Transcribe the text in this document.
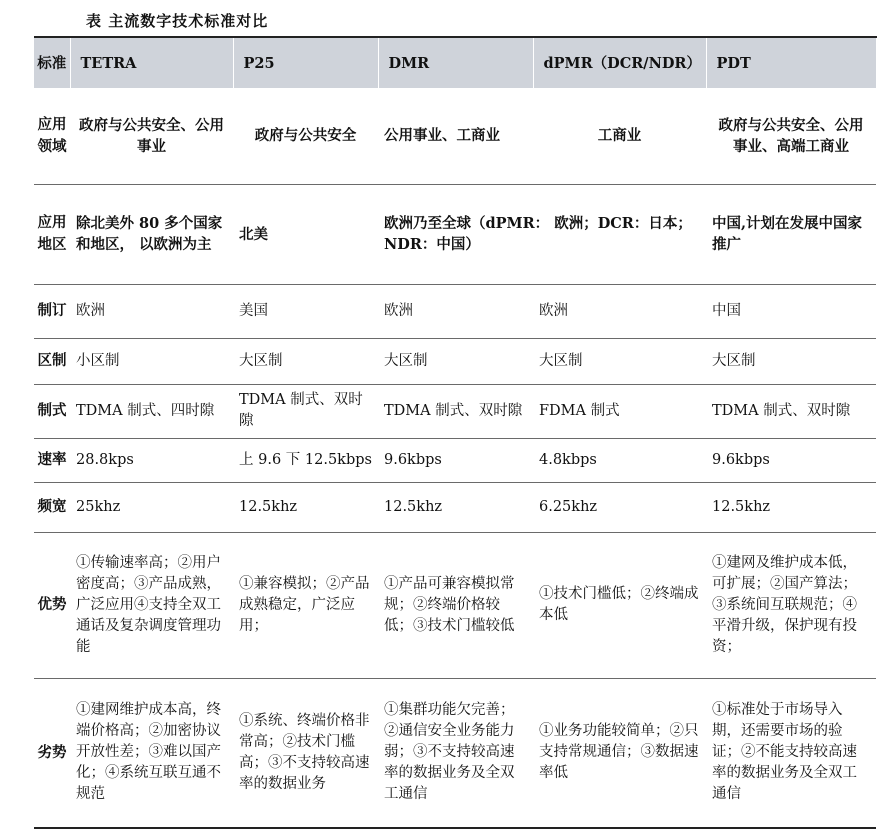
表 主流数字技术标准对比
标准	TETRA	P25	DMR	dPMR（DCR/NDR）	PDT
应用领域	政府与公共安全、公用事业	政府与公共安全	公用事业、工商业	工商业	政府与公共安全、公用事业、高端工商业
应用地区	除北美外 80 多个国家和地区， 以欧洲为主	北美	欧洲乃至全球（dPMR： 欧洲；DCR：日本；NDR：中国）		中国,计划在发展中国家推广
制订	欧洲	美国	欧洲	欧洲	中国
区制	小区制	大区制	大区制	大区制	大区制
制式	TDMA 制式、四时隙	TDMA 制式、双时隙	TDMA 制式、双时隙	FDMA 制式	TDMA 制式、双时隙
速率	28.8kps	上 9.6 下 12.5kbps	9.6kbps	4.8kbps	9.6kbps
频宽	25khz	12.5khz	12.5khz	6.25khz	12.5khz
优势	①传输速率高；②用户密度高；③产品成熟，广泛应用④支持全双工通话及复杂调度管理功能	①兼容模拟；②产品成熟稳定，广泛应用；	①产品可兼容模拟常规；②终端价格较低；③技术门槛较低	①技术门槛低；②终端成本低	①建网及维护成本低，可扩展；②国产算法；③系统间互联规范；④平滑升级，保护现有投资；
劣势	①建网维护成本高，终端价格高；②加密协议开放性差；③难以国产化；④系统互联互通不规范	①系统、终端价格非常高；②技术门槛高；③不支持较高速率的数据业务	①集群功能欠完善；②通信安全业务能力弱；③不支持较高速率的数据业务及全双工通信	①业务功能较简单；②只支持常规通信；③数据速率低	①标准处于市场导入期，还需要市场的验证；②不能支持较高速率的数据业务及全双工通信
